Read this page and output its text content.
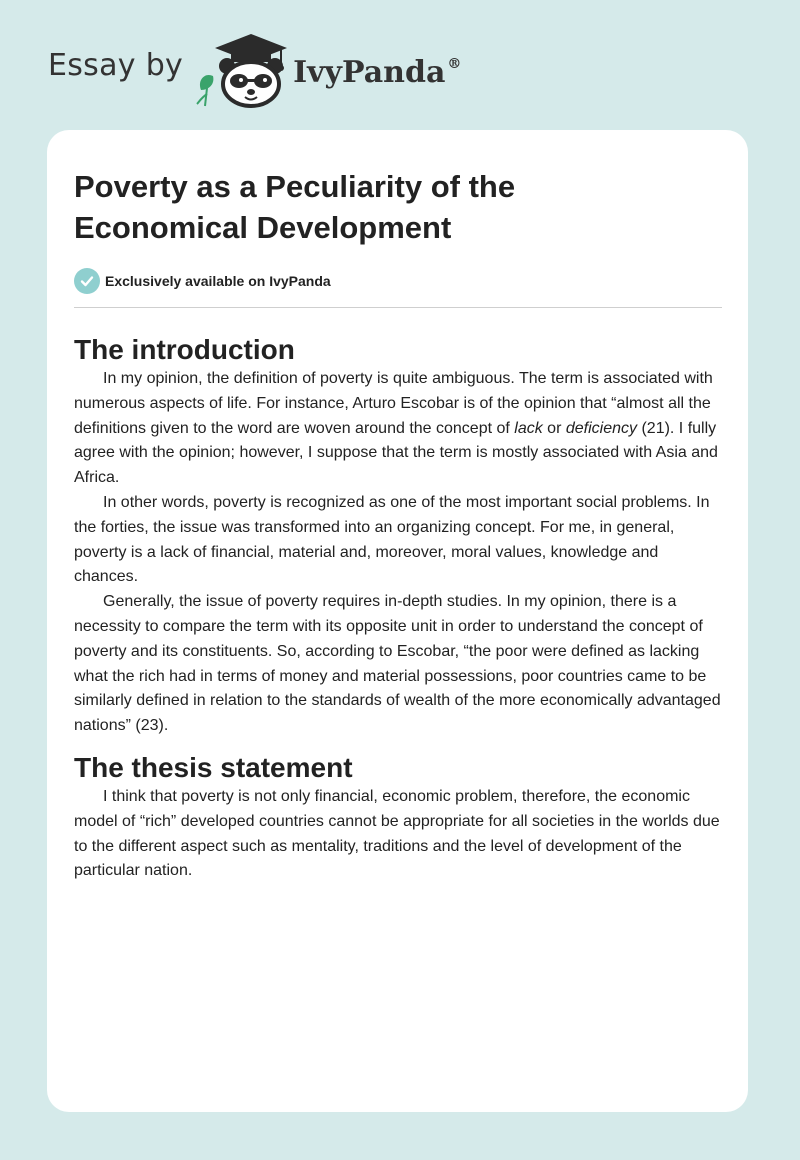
Essay by	IvyPanda ®
Poverty as a Peculiarity of the Economical Development
Exclusively available on IvyPanda
The introduction

In my opinion, the definition of poverty is quite ambiguous. The term is associated with numerous aspects of life. For instance, Arturo Escobar is of the opinion that “almost all the definitions given to the word are woven around the concept of lack or deficiency (21). I fully agree with the opinion; however, I suppose that the term is mostly associated with Asia and Africa.

In other words, poverty is recognized as one of the most important social problems. In the forties, the issue was transformed into an organizing concept. For me, in general, poverty is a lack of financial, material and, moreover, moral values, knowledge and chances.

Generally, the issue of poverty requires in-depth studies. In my opinion, there is a necessity to compare the term with its opposite unit in order to understand the concept of poverty and its constituents. So, according to Escobar, “the poor were defined as lacking what the rich had in terms of money and material possessions, poor countries came to be similarly defined in relation to the standards of wealth of the more economically advantaged nations” (23).

The thesis statement

I think that poverty is not only financial, economic problem, therefore, the economic model of “rich” developed countries cannot be appropriate for all societies in the worlds due to the different aspect such as mentality, traditions and the level of development of the particular nation.
